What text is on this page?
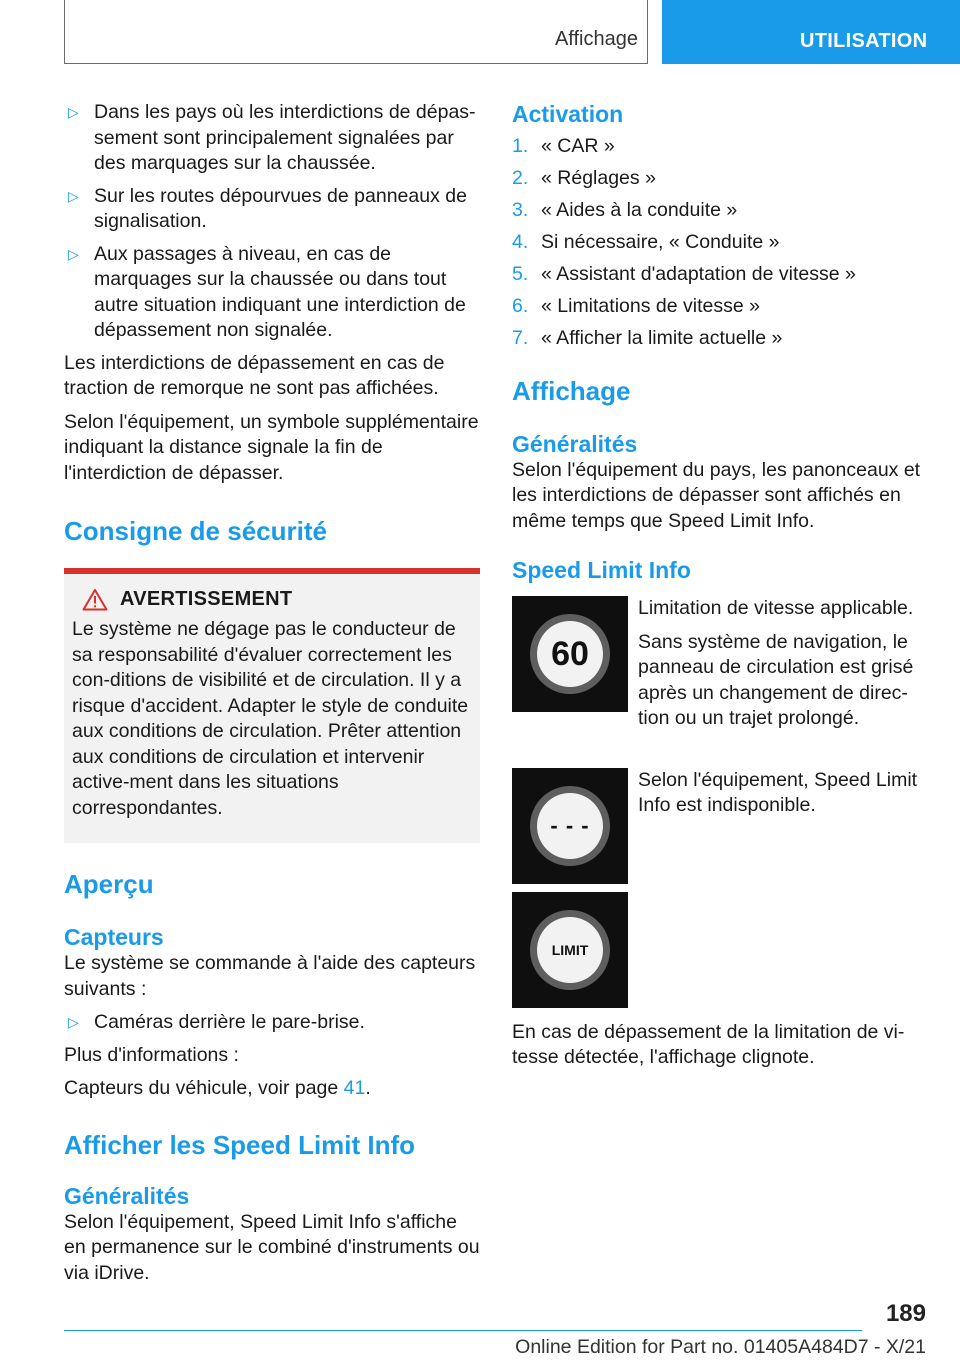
Affichage	UTILISATION
▷ Dans les pays où les interdictions de dépas-sement sont principalement signalées par des marquages sur la chaussée.
▷ Sur les routes dépourvues de panneaux de signalisation.
▷ Aux passages à niveau, en cas de marquages sur la chaussée ou dans tout autre situation indiquant une interdiction de dépassement non signalée.

Les interdictions de dépassement en cas de traction de remorque ne sont pas affichées.

Selon l'équipement, un symbole supplémentaire indiquant la distance signale la fin de l'interdiction de dépasser.

Consigne de sécurité
AVERTISSEMENT

Le système ne dégage pas le conducteur de sa responsabilité d'évaluer correctement les con-ditions de visibilité et de circulation. Il y a risque d'accident. Adapter le style de conduite aux conditions de circulation. Prêter attention aux conditions de circulation et intervenir active-ment dans les situations correspondantes.

Aperçu
Capteurs

Le système se commande à l'aide des capteurs suivants :

▷ Caméras derrière le pare-brise.

Plus d'informations :

Capteurs du véhicule, voir page 41.

Afficher les Speed Limit Info
Généralités

Selon l'équipement, Speed Limit Info s'affiche en permanence sur le combiné d'instruments ou via iDrive.

Activation
1. « CAR »
2. « Réglages »
3. « Aides à la conduite »
4. Si nécessaire, « Conduite »
5. « Assistant d'adaptation de vitesse »
6. « Limitations de vitesse »
7. « Afficher la limite actuelle »
Affichage
Généralités

Selon l'équipement du pays, les panonceaux et les interdictions de dépasser sont affichés en même temps que Speed Limit Info.

Speed Limit Info
60

Limitation de vitesse applicable.

Sans système de navigation, le panneau de circulation est grisé après un changement de direc-tion ou un trajet prolongé.

- - -

Selon l'équipement, Speed Limit Info est indisponible.

LIMIT

En cas de dépassement de la limitation de vi-tesse détectée, l'affichage clignote.

189
Online Edition for Part no. 01405A484D7 - X/21
